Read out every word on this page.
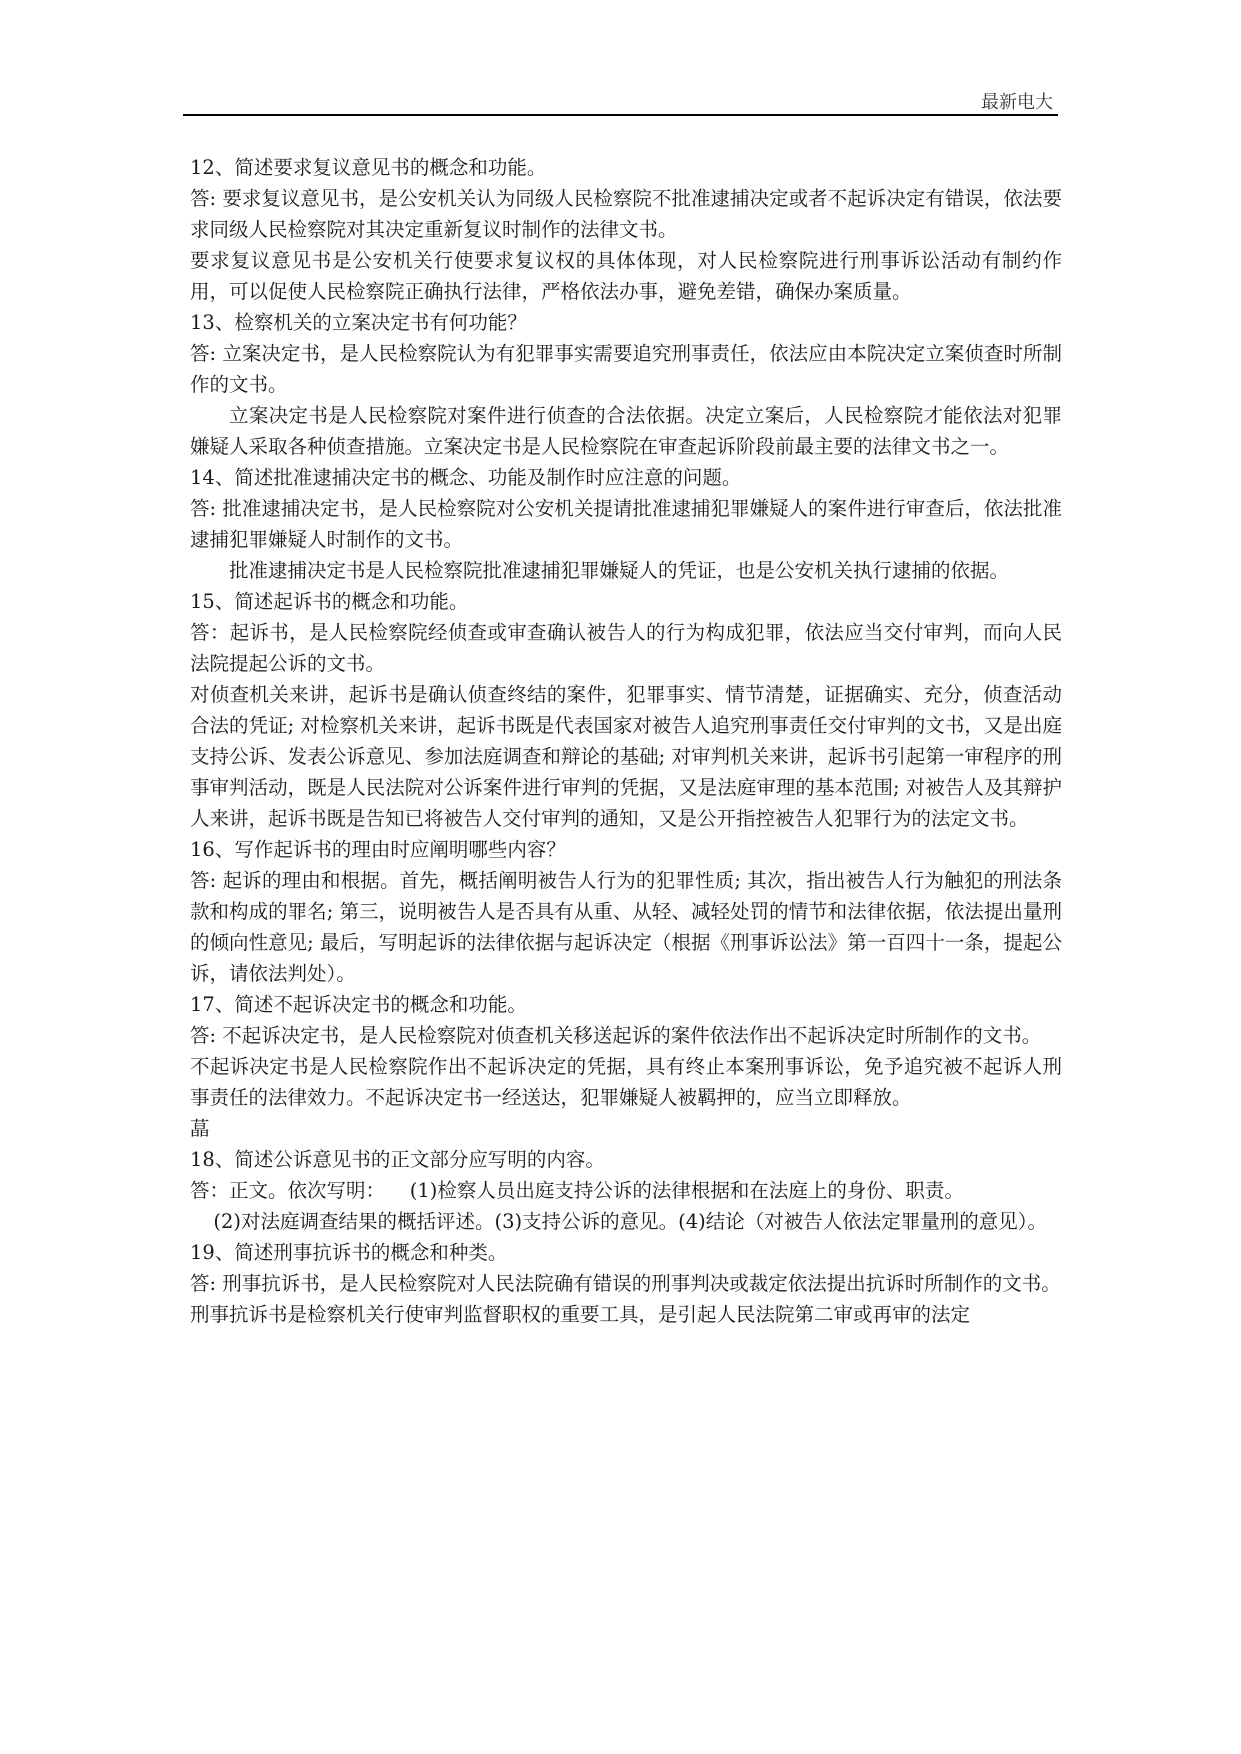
最新电大

12、简述要求复议意见书的概念和功能。

答: 要求复议意见书，是公安机关认为同级人民检察院不批准逮捕决定或者不起诉决定有错误，依法要求同级人民检察院对其决定重新复议时制作的法律文书。

要求复议意见书是公安机关行使要求复议权的具体体现，对人民检察院进行刑事诉讼活动有制约作用，可以促使人民检察院正确执行法律，严格依法办事，避免差错，确保办案质量。

13、检察机关的立案决定书有何功能？

答: 立案决定书，是人民检察院认为有犯罪事实需要追究刑事责任，依法应由本院决定立案侦查时所制作的文书。

立案决定书是人民检察院对案件进行侦查的合法依据。决定立案后，人民检察院才能依法对犯罪嫌疑人采取各种侦查措施。立案决定书是人民检察院在审查起诉阶段前最主要的法律文书之一。

14、简述批准逮捕决定书的概念、功能及制作时应注意的问题。

答: 批准逮捕决定书，是人民检察院对公安机关提请批准逮捕犯罪嫌疑人的案件进行审查后，依法批准逮捕犯罪嫌疑人时制作的文书。

批准逮捕决定书是人民检察院批准逮捕犯罪嫌疑人的凭证，也是公安机关执行逮捕的依据。

15、简述起诉书的概念和功能。

答：起诉书，是人民检察院经侦查或审查确认被告人的行为构成犯罪，依法应当交付审判，而向人民法院提起公诉的文书。

对侦查机关来讲，起诉书是确认侦查终结的案件，犯罪事实、情节清楚，证据确实、充分，侦查活动合法的凭证; 对检察机关来讲，起诉书既是代表国家对被告人追究刑事责任交付审判的文书，又是出庭支持公诉、发表公诉意见、参加法庭调查和辩论的基础; 对审判机关来讲，起诉书引起第一审程序的刑事审判活动，既是人民法院对公诉案件进行审判的凭据，又是法庭审理的基本范围; 对被告人及其辩护人来讲，起诉书既是告知已将被告人交付审判的通知，又是公开指控被告人犯罪行为的法定文书。

16、写作起诉书的理由时应阐明哪些内容？

答: 起诉的理由和根据。首先，概括阐明被告人行为的犯罪性质; 其次，指出被告人行为触犯的刑法条款和构成的罪名; 第三，说明被告人是否具有从重、从轻、减轻处罚的情节和法律依据，依法提出量刑的倾向性意见; 最后，写明起诉的法律依据与起诉决定（根据《刑事诉讼法》第一百四十一条，提起公诉，请依法判处）。

17、简述不起诉决定书的概念和功能。

答: 不起诉决定书，是人民检察院对侦查机关移送起诉的案件依法作出不起诉决定时所制作的文书。

不起诉决定书是人民检察院作出不起诉决定的凭据，具有终止本案刑事诉讼，免予追究被不起诉人刑事责任的法律效力。不起诉决定书一经送达，犯罪嫌疑人被羁押的，应当立即释放。

蕌

18、简述公诉意见书的正文部分应写明的内容。

答：正文。依次写明：    (1)检察人员出庭支持公诉的法律根据和在法庭上的身份、职责。

(2)对法庭调查结果的概括评述。(3)支持公诉的意见。(4)结论（对被告人依法定罪量刑的意见）。

19、简述刑事抗诉书的概念和种类。

答: 刑事抗诉书，是人民检察院对人民法院确有错误的刑事判决或裁定依法提出抗诉时所制作的文书。

刑事抗诉书是检察机关行使审判监督职权的重要工具，是引起人民法院第二审或再审的法定
